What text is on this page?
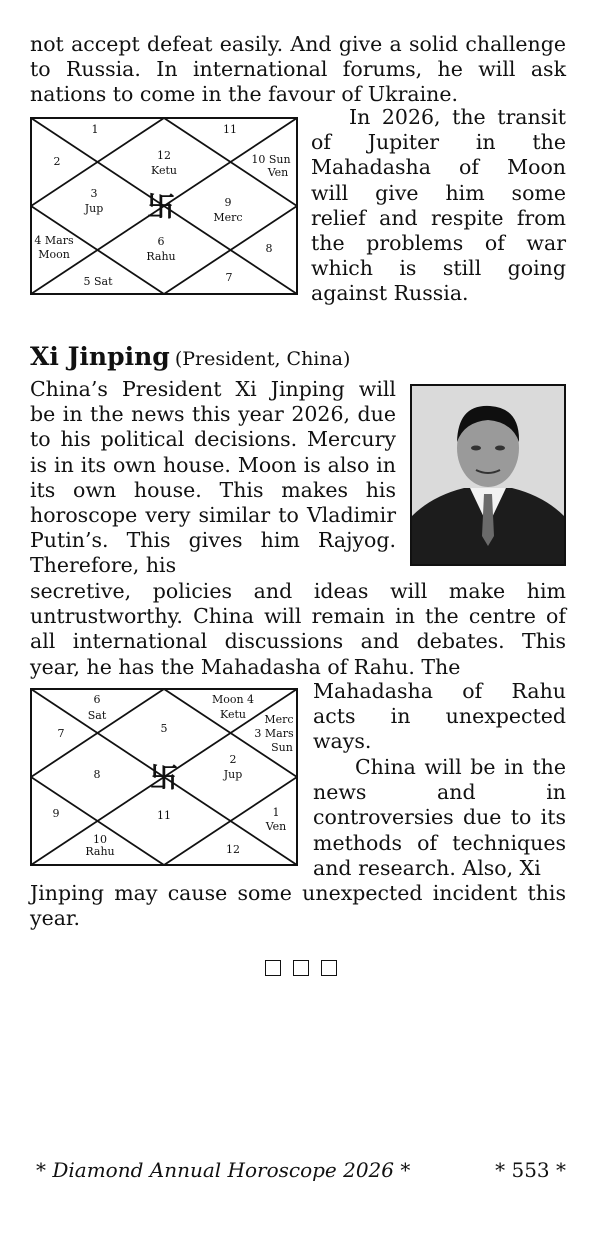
not accept defeat easily. And give a solid challenge to Russia. In international forums, he will ask nations to come in the favour of Ukraine.

1	11
2	12
Ketu
10 Sun
Ven
3
Jup	9
Merc
4 Mars
Moon
6
Rahu
8
5 Sat	7
卐

In 2026, the transit of Jupiter in the Mahadasha of Moon will give him some relief and respite from the problems of war which is still going against Russia.

Xi Jinping (President, China)

China’s President Xi Jinping will be in the news this year 2026, due to his political decisions. Mercury is in its own house. Moon is also in its own house. This makes his horoscope very similar to Vladimir Putin’s. This gives him Rajyog. Therefore, his

secretive, policies and ideas will make him untrustworthy. China will remain in the centre of all international discussions and debates. This year, he has the Mahadasha of Rahu. The

6
Sat
Moon 4
Ketu
7	5
Merc
3 Mars
Sun
8
2
Jup
9	11	1
Ven
10
Rahu	12
卐

Mahadasha of Rahu acts in unexpected ways.

China will be in the news and in controversies due to its methods of techniques and research. Also, Xi

Jinping may cause some unexpected incident this year.

* Diamond Annual Horoscope 2026 *	* 553 *
